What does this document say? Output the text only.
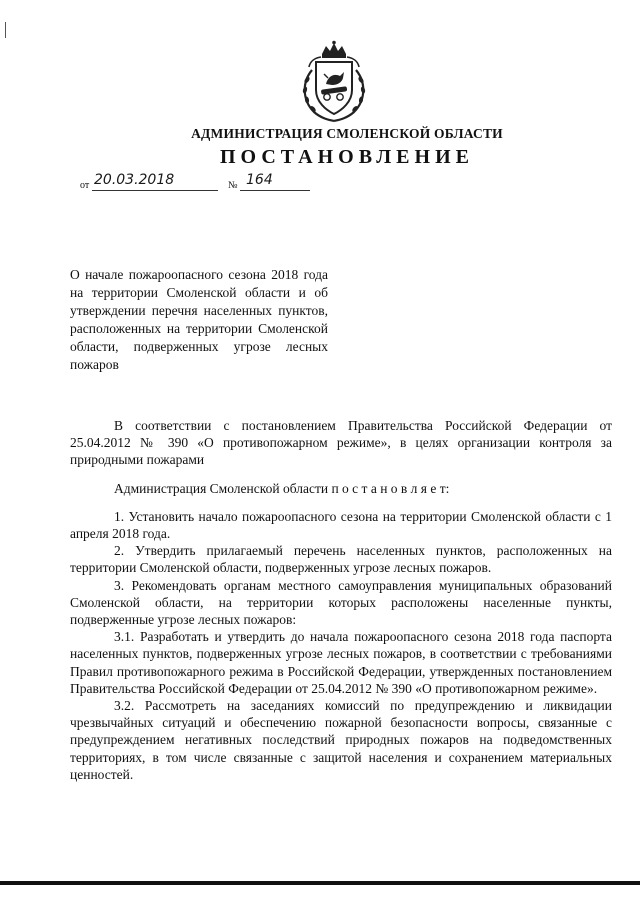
АДМИНИСТРАЦИЯ СМОЛЕНСКОЙ ОБЛАСТИ
ПОСТАНОВЛЕНИЕ
от 20.03.2018	№ 164

О начале пожароопасного сезона 2018 года на территории Смоленской области и об утверждении перечня населенных пунктов, расположенных на территории Смоленской области, подверженных угрозе лесных пожаров

В соответствии с постановлением Правительства Российской Федерации от 25.04.2012 № 390 «О противопожарном режиме», в целях организации контроля за природными пожарами

Администрация Смоленской области п о с т а н о в л я е т:

1. Установить начало пожароопасного сезона на территории Смоленской области с 1 апреля 2018 года.

2. Утвердить прилагаемый перечень населенных пунктов, расположенных на территории Смоленской области, подверженных угрозе лесных пожаров.

3. Рекомендовать органам местного самоуправления муниципальных образований Смоленской области, на территории которых расположены населенные пункты, подверженные угрозе лесных пожаров:

3.1. Разработать и утвердить до начала пожароопасного сезона 2018 года паспорта населенных пунктов, подверженных угрозе лесных пожаров, в соответствии с требованиями Правил противопожарного режима в Российской Федерации, утвержденных постановлением Правительства Российской Федерации от 25.04.2012 № 390 «О противопожарном режиме».

3.2. Рассмотреть на заседаниях комиссий по предупреждению и ликвидации чрезвычайных ситуаций и обеспечению пожарной безопасности вопросы, связанные с предупреждением негативных последствий природных пожаров на подведомственных территориях, в том числе связанные с защитой населения и сохранением материальных ценностей.
